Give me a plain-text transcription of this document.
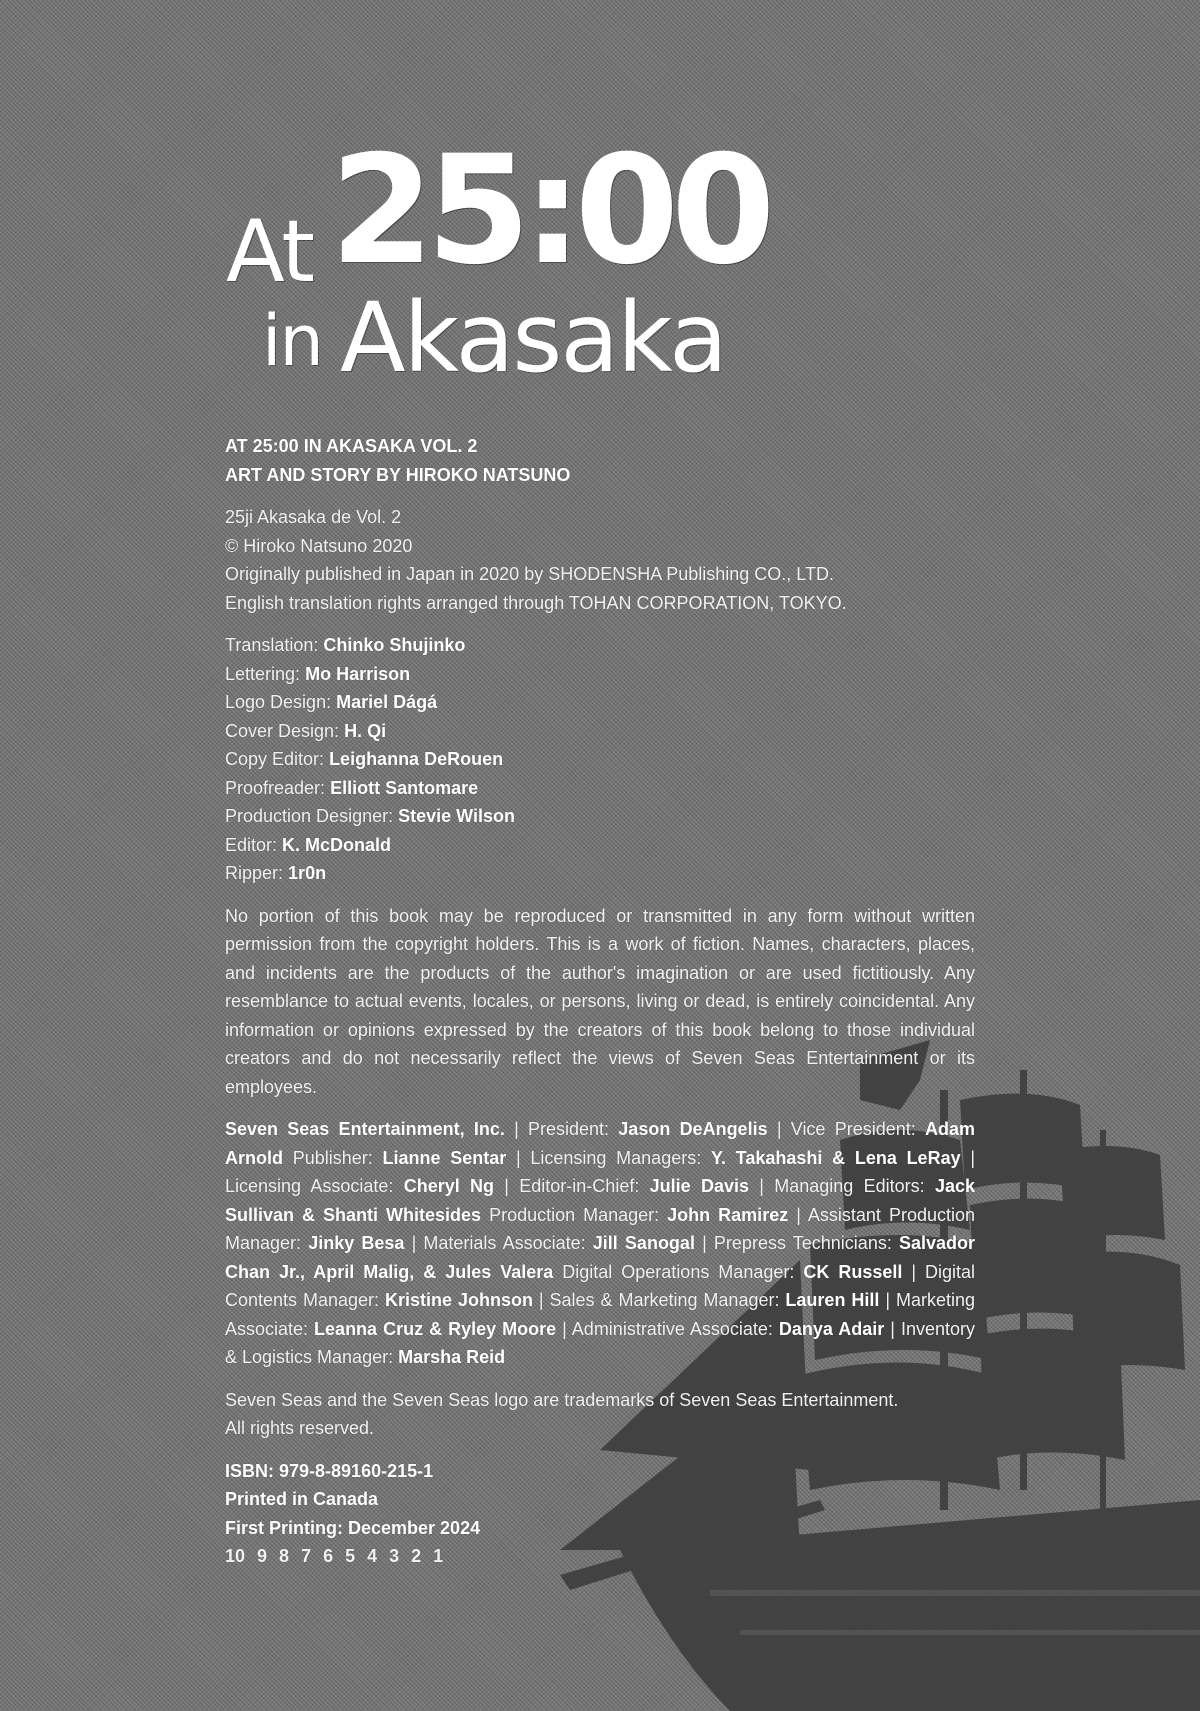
At 25:00
in Akasaka
AT 25:00 IN AKASAKA VOL. 2
ART AND STORY BY HIROKO NATSUNO
25ji Akasaka de Vol. 2
© Hiroko Natsuno 2020
Originally published in Japan in 2020 by SHODENSHA Publishing CO., LTD.
English translation rights arranged through TOHAN CORPORATION, TOKYO.
Translation: Chinko Shujinko
Lettering: Mo Harrison
Logo Design: Mariel Dágá
Cover Design: H. Qi
Copy Editor: Leighanna DeRouen
Proofreader: Elliott Santomare
Production Designer: Stevie Wilson
Editor: K. McDonald
Ripper: 1r0n
No portion of this book may be reproduced or transmitted in any form without written permission from the copyright holders. This is a work of fiction. Names, characters, places, and incidents are the products of the author's imagination or are used fictitiously. Any resemblance to actual events, locales, or persons, living or dead, is entirely coincidental. Any information or opinions expressed by the creators of this book belong to those individual creators and do not necessarily reflect the views of Seven Seas Entertainment or its employees.
Seven Seas Entertainment, Inc. | President: Jason DeAngelis | Vice President: Adam Arnold Publisher: Lianne Sentar | Licensing Managers: Y. Takahashi & Lena LeRay | Licensing Associate: Cheryl Ng | Editor-in-Chief: Julie Davis | Managing Editors: Jack Sullivan & Shanti Whitesides Production Manager: John Ramirez | Assistant Production Manager: Jinky Besa | Materials Associate: Jill Sanogal | Prepress Technicians: Salvador Chan Jr., April Malig, & Jules Valera Digital Operations Manager: CK Russell | Digital Contents Manager: Kristine Johnson | Sales & Marketing Manager: Lauren Hill | Marketing Associate: Leanna Cruz & Ryley Moore | Administrative Associate: Danya Adair | Inventory & Logistics Manager: Marsha Reid
Seven Seas and the Seven Seas logo are trademarks of Seven Seas Entertainment.
All rights reserved.
ISBN: 979-8-89160-215-1
Printed in Canada
First Printing: December 2024
10 9 8 7 6 5 4 3 2 1
